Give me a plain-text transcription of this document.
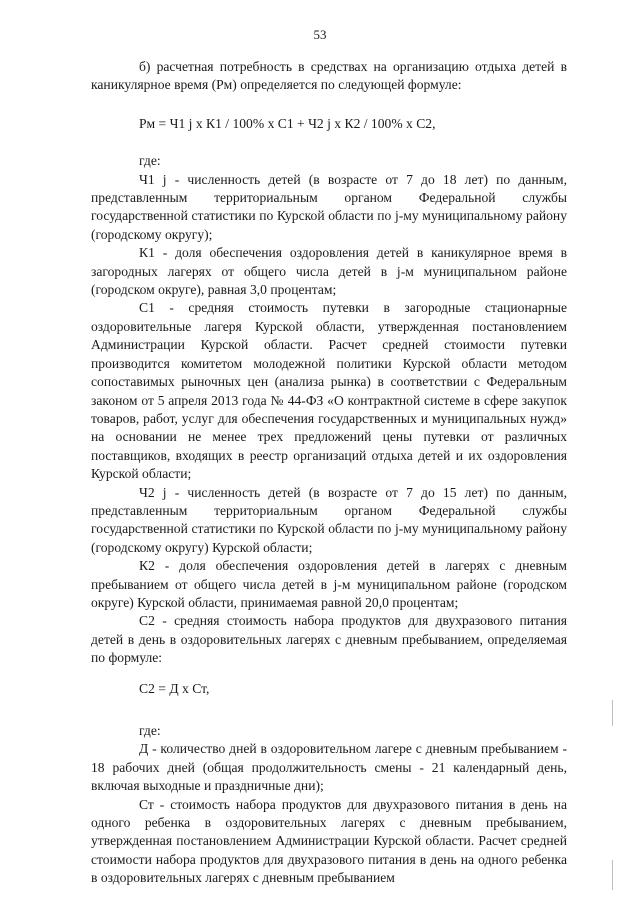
53

б) расчетная потребность в средствах на организацию отдыха детей в каникулярное время (Рм) определяется по следующей формуле:

Рм = Ч1 j x К1 / 100% х С1 + Ч2 j x К2 / 100% х С2,

где:

Ч1 j - численность детей (в возрасте от 7 до 18 лет) по данным, представленным территориальным органом Федеральной службы государственной статистики по Курской области по j-му муниципальному району (городскому округу);

К1 - доля обеспечения оздоровления детей в каникулярное время в загородных лагерях от общего числа детей в j-м муниципальном районе (городском округе), равная 3,0 процентам;

С1 - средняя стоимость путевки в загородные стационарные оздоровительные лагеря Курской области, утвержденная постановлением Администрации Курской области. Расчет средней стоимости путевки производится комитетом молодежной политики Курской области методом сопоставимых рыночных цен (анализа рынка) в соответствии с Федеральным законом от 5 апреля 2013 года № 44-ФЗ «О контрактной системе в сфере закупок товаров, работ, услуг для обеспечения государственных и муниципальных нужд» на основании не менее трех предложений цены путевки от различных поставщиков, входящих в реестр организаций отдыха детей и их оздоровления Курской области;

Ч2 j - численность детей (в возрасте от 7 до 15 лет) по данным, представленным территориальным органом Федеральной службы государственной статистики по Курской области по j-му муниципальному району (городскому округу) Курской области;

К2 - доля обеспечения оздоровления детей в лагерях с дневным пребыванием от общего числа детей в j-м муниципальном районе (городском округе) Курской области, принимаемая равной 20,0 процентам;

С2 - средняя стоимость набора продуктов для двухразового питания детей в день в оздоровительных лагерях с дневным пребыванием, определяемая по формуле:

С2 = Д х Ст,

где:

Д - количество дней в оздоровительном лагере с дневным пребыванием - 18 рабочих дней (общая продолжительность смены - 21 календарный день, включая выходные и праздничные дни);

Ст - стоимость набора продуктов для двухразового питания в день на одного ребенка в оздоровительных лагерях с дневным пребыванием, утвержденная постановлением Администрации Курской области. Расчет средней стоимости набора продуктов для двухразового питания в день на одного ребенка в оздоровительных лагерях с дневным пребыванием
